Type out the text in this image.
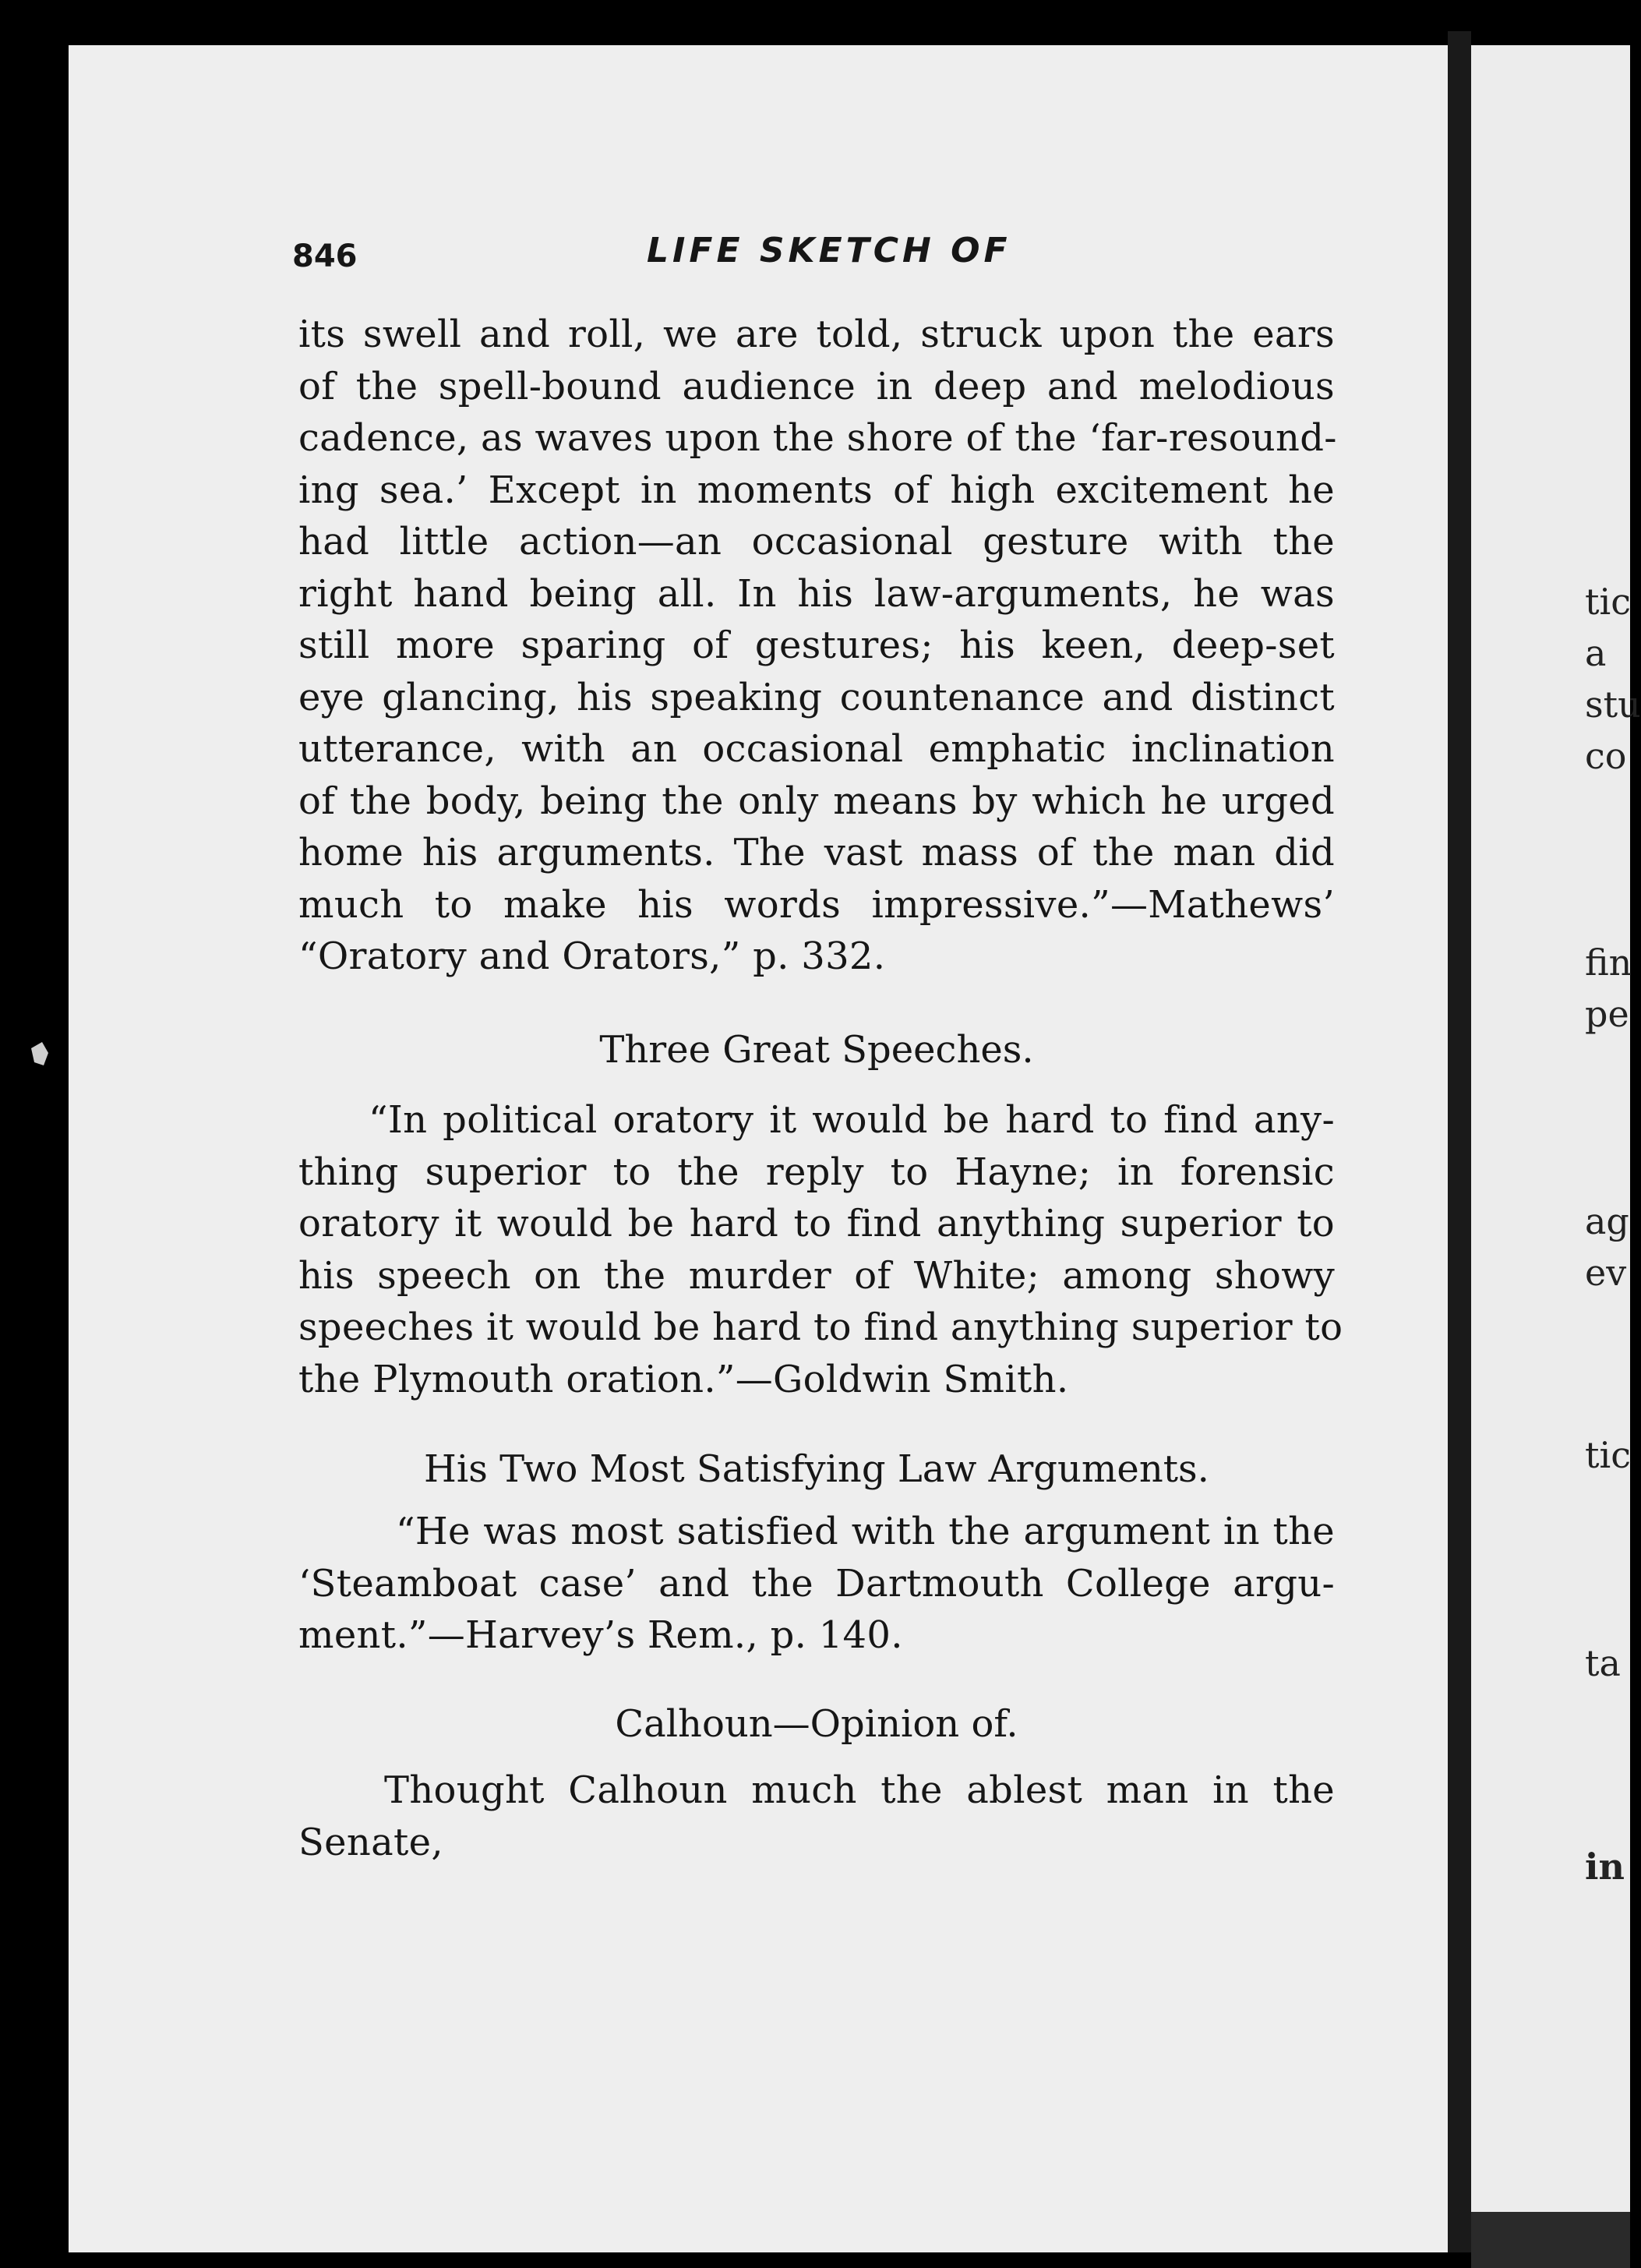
846	LIFE SKETCH OF
its swell and roll, we are told, struck upon the ears
of the spell-bound audience in deep and melodious
cadence, as waves upon the shore of the ‘far-resound-
ing sea.’ Except in moments of high excitement he
had little action—an occasional gesture with the
right hand being all. In his law-arguments, he was
still more sparing of gestures; his keen, deep-set
eye glancing, his speaking countenance and distinct
utterance, with an occasional emphatic inclination
of the body, being the only means by which he urged
home his arguments. The vast mass of the man did
much to make his words impressive.”—Mathews’
“Oratory and Orators,” p. 332.
Three Great Speeches.
“In political oratory it would be hard to find any-
thing superior to the reply to Hayne; in forensic
oratory it would be hard to find anything superior to
his speech on the murder of White; among showy
speeches it would be hard to find anything superior to
the Plymouth oration.”—Goldwin Smith.
His Two Most Satisfying Law Arguments.
“He was most satisfied with the argument in the
‘Steamboat case’ and the Dartmouth College argu-
ment.”—Harvey’s Rem., p. 140.
Calhoun—Opinion of.
Thought Calhoun much the ablest man in the
Senate,
tic
a
stu
co
fin
pe
ag
ev
tic
ta
in
